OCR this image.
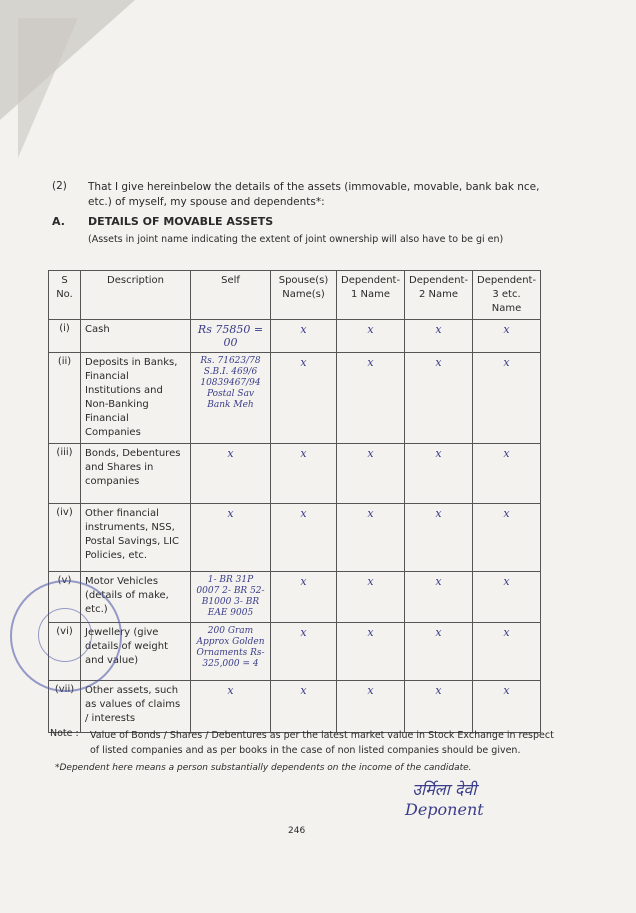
(2) That I give hereinbelow the details of the assets (immovable, movable, bank bak nce, etc.) of myself, my spouse and dependents*:
A. DETAILS OF MOVABLE ASSETS
(Assets in joint name indicating the extent of joint ownership will also have to be gi en)
S No.	Description	Self	Spouse(s) Name(s)	Dependent-1 Name	Dependent-2 Name	Dependent-3 etc. Name
(i)	Cash	Rs 75850 = 00	x	x	x	x
(ii)	Deposits in Banks, Financial Institutions and Non-Banking Financial Companies	Rs. 71623/78 S.B.I. 469/6 10839467/94 Postal Sav Bank Meh	x	x	x	x
(iii)	Bonds, Debentures and Shares in companies	x	x	x	x	x
(iv)	Other financial instruments, NSS, Postal Savings, LIC Policies, etc.	x	x	x	x	x
(v)	Motor Vehicles (details of make, etc.)	1- BR 31P 0007 2- BR 52-B1000 3- BR EAE 9005	x	x	x	x
(vi)	Jewellery (give details of weight and value)	200 Gram Approx Golden Ornaments Rs- 325,000 = 4	x	x	x	x
(vii)	Other assets, such as values of claims / interests	x	x	x	x	x
Note : Value of Bonds / Shares / Debentures as per the latest market value in Stock Exchange in respect of listed companies and as per books in the case of non listed companies should be given.
*Dependent here means a person substantially dependents on the income of the candidate.
उर्मिला देवी
Deponent
246
